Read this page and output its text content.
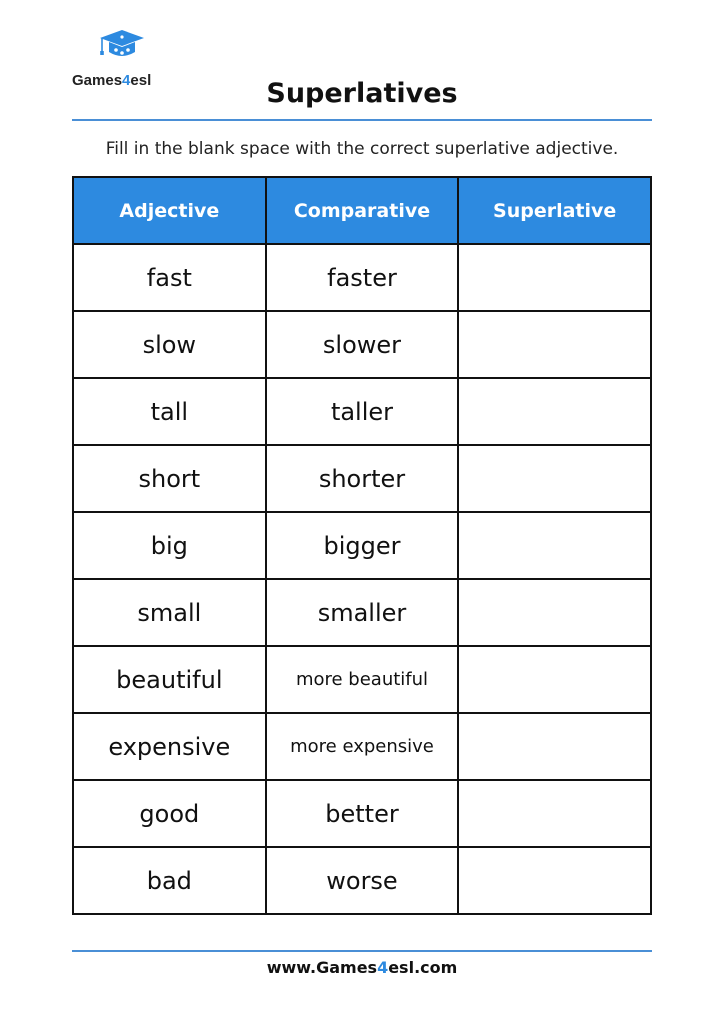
Games4esl	Superlatives
Fill in the blank space with the correct superlative adjective.
Adjective	Comparative	Superlative
fast	faster	
slow	slower	
tall	taller	
short	shorter	
big	bigger	
small	smaller	
beautiful	more beautiful	
expensive	more expensive	
good	better	
bad	worse	
www.Games4esl.com
